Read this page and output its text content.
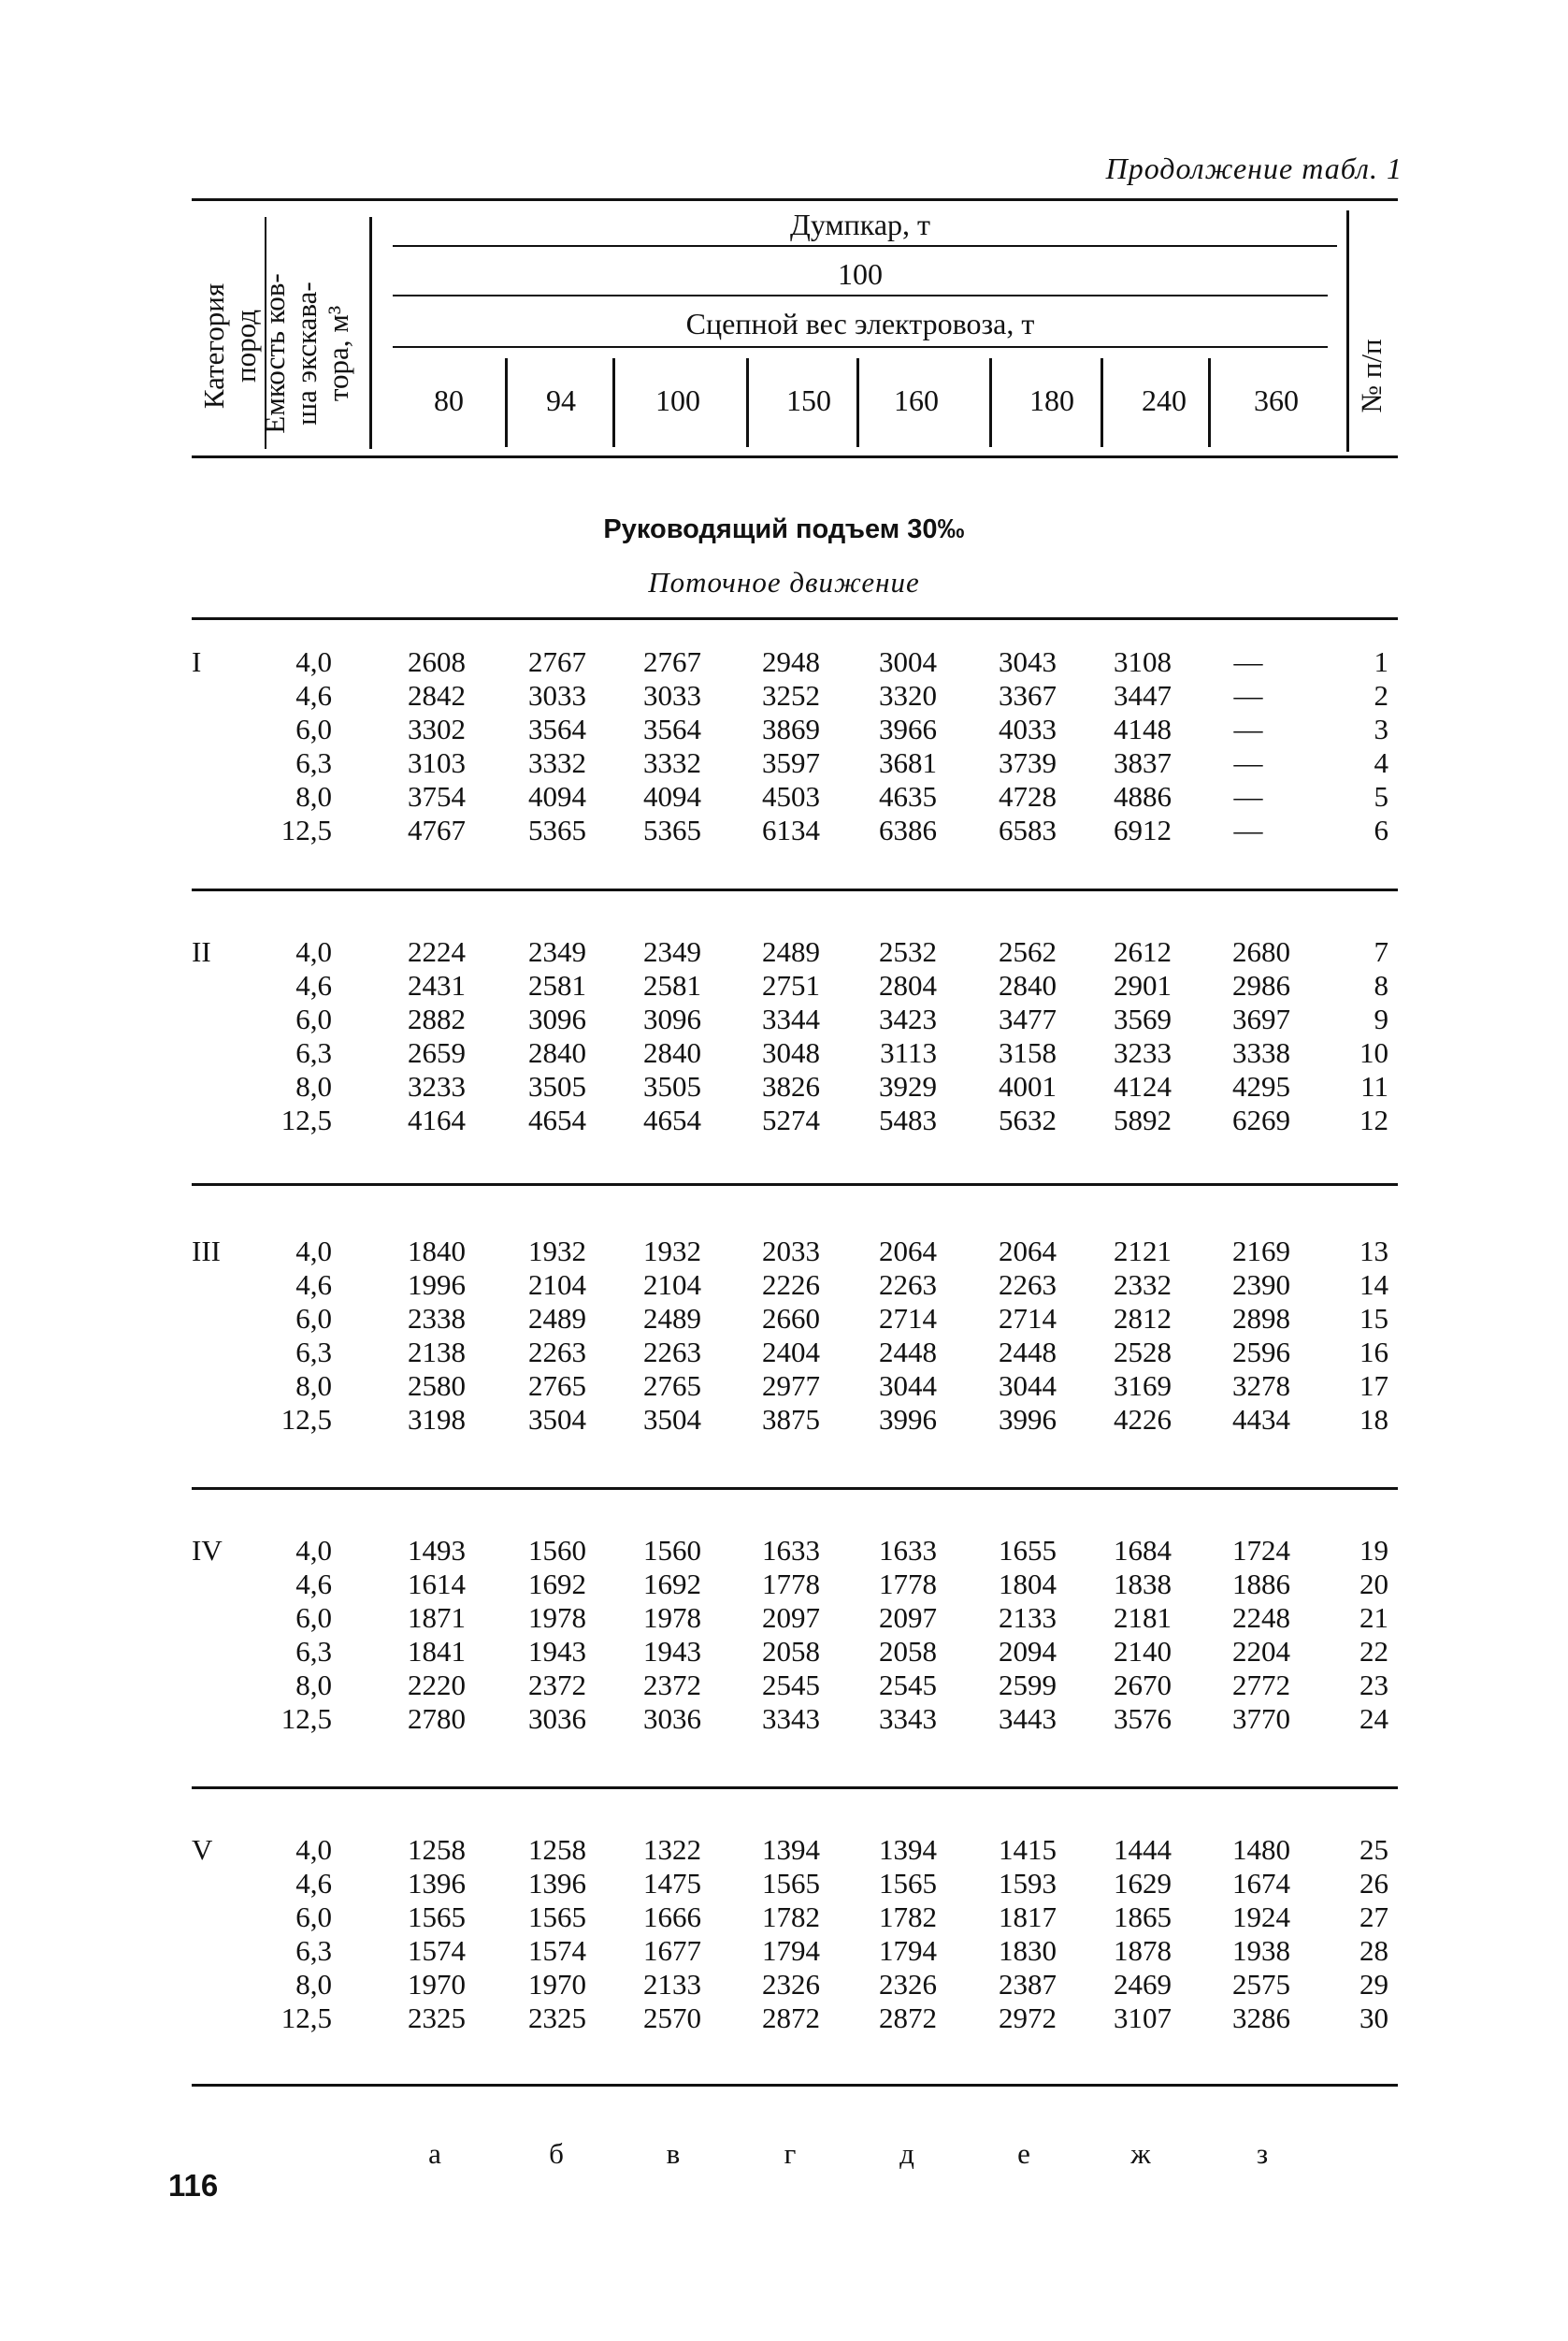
Продолжение табл. 1
Категория
пород
Емкость ков-
ша экскава-
тора, м³
Думпкар, т
100
Сцепной вес электровоза, т
80	94	100	150	160	180	240	360	№ п/п
Руководящий подъем 30‰
Поточное движение
I	4,0	2608	2767	2767	2948	3004	3043	3108	—	1
4,6	2842	3033	3033	3252	3320	3367	3447	—	2
6,0	3302	3564	3564	3869	3966	4033	4148	—	3
6,3	3103	3332	3332	3597	3681	3739	3837	—	4
8,0	3754	4094	4094	4503	4635	4728	4886	—	5
12,5	4767	5365	5365	6134	6386	6583	6912	—	6
II	4,0	2224	2349	2349	2489	2532	2562	2612	2680	7
4,6	2431	2581	2581	2751	2804	2840	2901	2986	8
6,0	2882	3096	3096	3344	3423	3477	3569	3697	9
6,3	2659	2840	2840	3048	3113	3158	3233	3338	10
8,0	3233	3505	3505	3826	3929	4001	4124	4295	11
12,5	4164	4654	4654	5274	5483	5632	5892	6269	12
III	4,0	1840	1932	1932	2033	2064	2064	2121	2169	13
4,6	1996	2104	2104	2226	2263	2263	2332	2390	14
6,0	2338	2489	2489	2660	2714	2714	2812	2898	15
6,3	2138	2263	2263	2404	2448	2448	2528	2596	16
8,0	2580	2765	2765	2977	3044	3044	3169	3278	17
12,5	3198	3504	3504	3875	3996	3996	4226	4434	18
IV	4,0	1493	1560	1560	1633	1633	1655	1684	1724	19
4,6	1614	1692	1692	1778	1778	1804	1838	1886	20
6,0	1871	1978	1978	2097	2097	2133	2181	2248	21
6,3	1841	1943	1943	2058	2058	2094	2140	2204	22
8,0	2220	2372	2372	2545	2545	2599	2670	2772	23
12,5	2780	3036	3036	3343	3343	3443	3576	3770	24
V	4,0	1258	1258	1322	1394	1394	1415	1444	1480	25
4,6	1396	1396	1475	1565	1565	1593	1629	1674	26
6,0	1565	1565	1666	1782	1782	1817	1865	1924	27
6,3	1574	1574	1677	1794	1794	1830	1878	1938	28
8,0	1970	1970	2133	2326	2326	2387	2469	2575	29
12,5	2325	2325	2570	2872	2872	2972	3107	3286	30
а	б	в	г	д	е	ж	з
116
